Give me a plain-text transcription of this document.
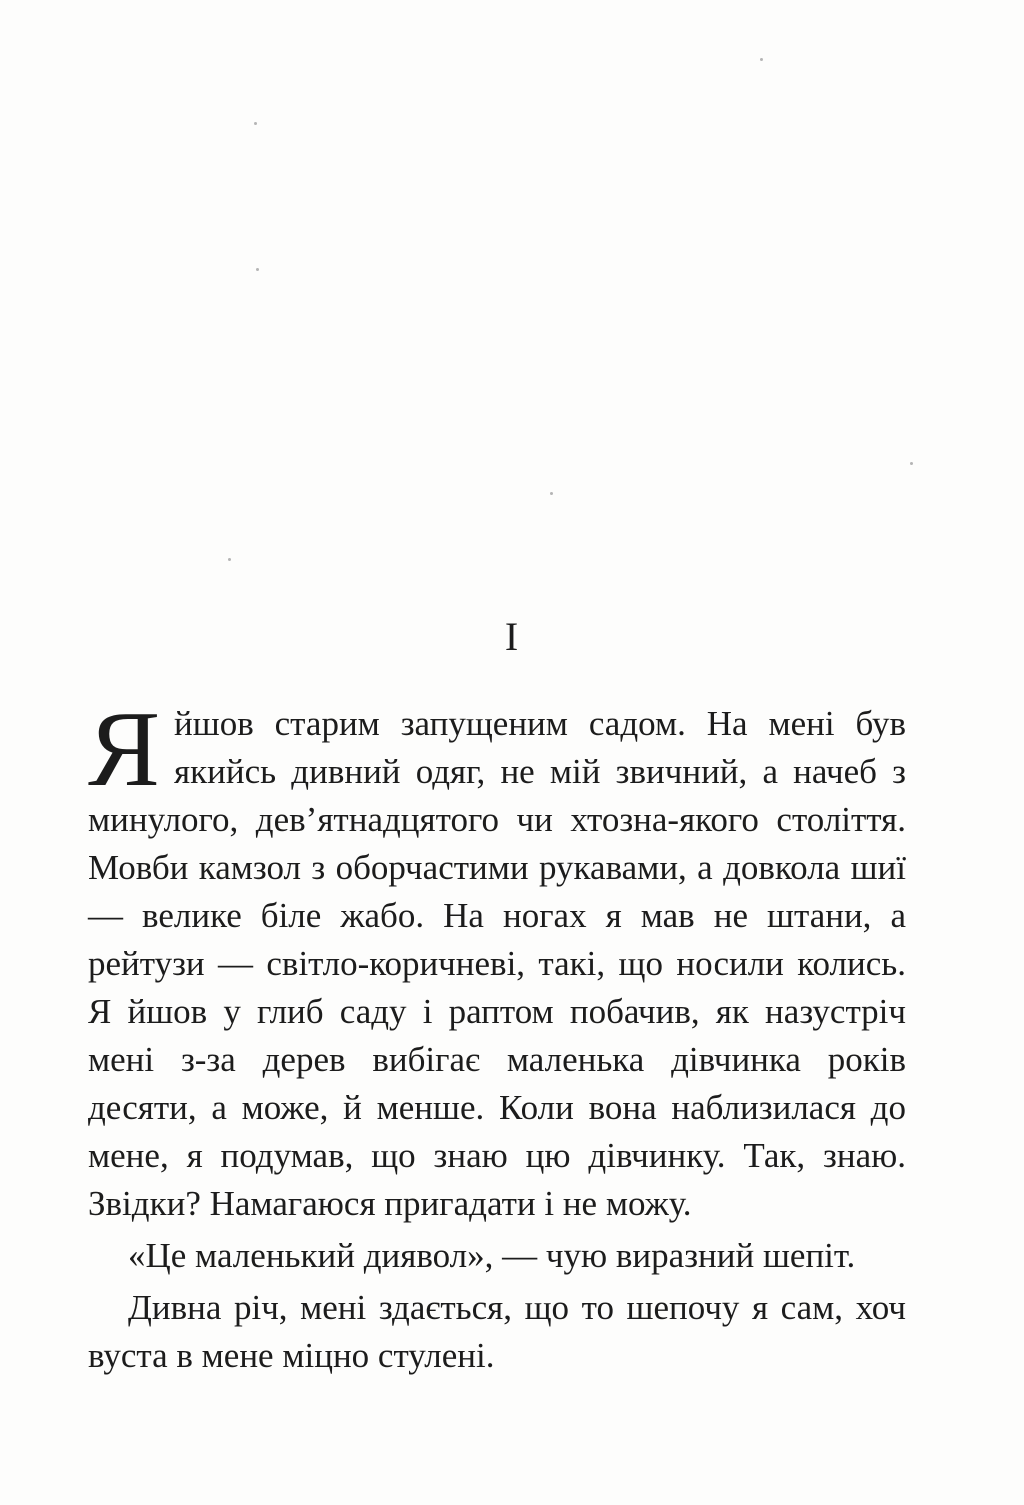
I

Яйшов старим запущеним садом. На мені був якийсь дивний одяг, не мій звичний, а начеб з минулого, дев’ятнадцятого чи хтозна-якого століття. Мовби камзол з оборчастими рукавами, а довкола шиї — велике біле жабо. На ногах я мав не штани, а рейтузи — світло-коричневі, такі, що носили колись. Я йшов у глиб саду і раптом побачив, як назустріч мені з-за дерев вибігає маленька дівчинка років десяти, а може, й менше. Коли вона наблизилася до мене, я подумав, що знаю цю дівчинку. Так, знаю. Звідки? Намагаюся пригадати і не можу.

«Це маленький диявол», — чую виразний шепіт.

Дивна річ, мені здається, що то шепочу я сам, хоч вуста в мене міцно стулені.
